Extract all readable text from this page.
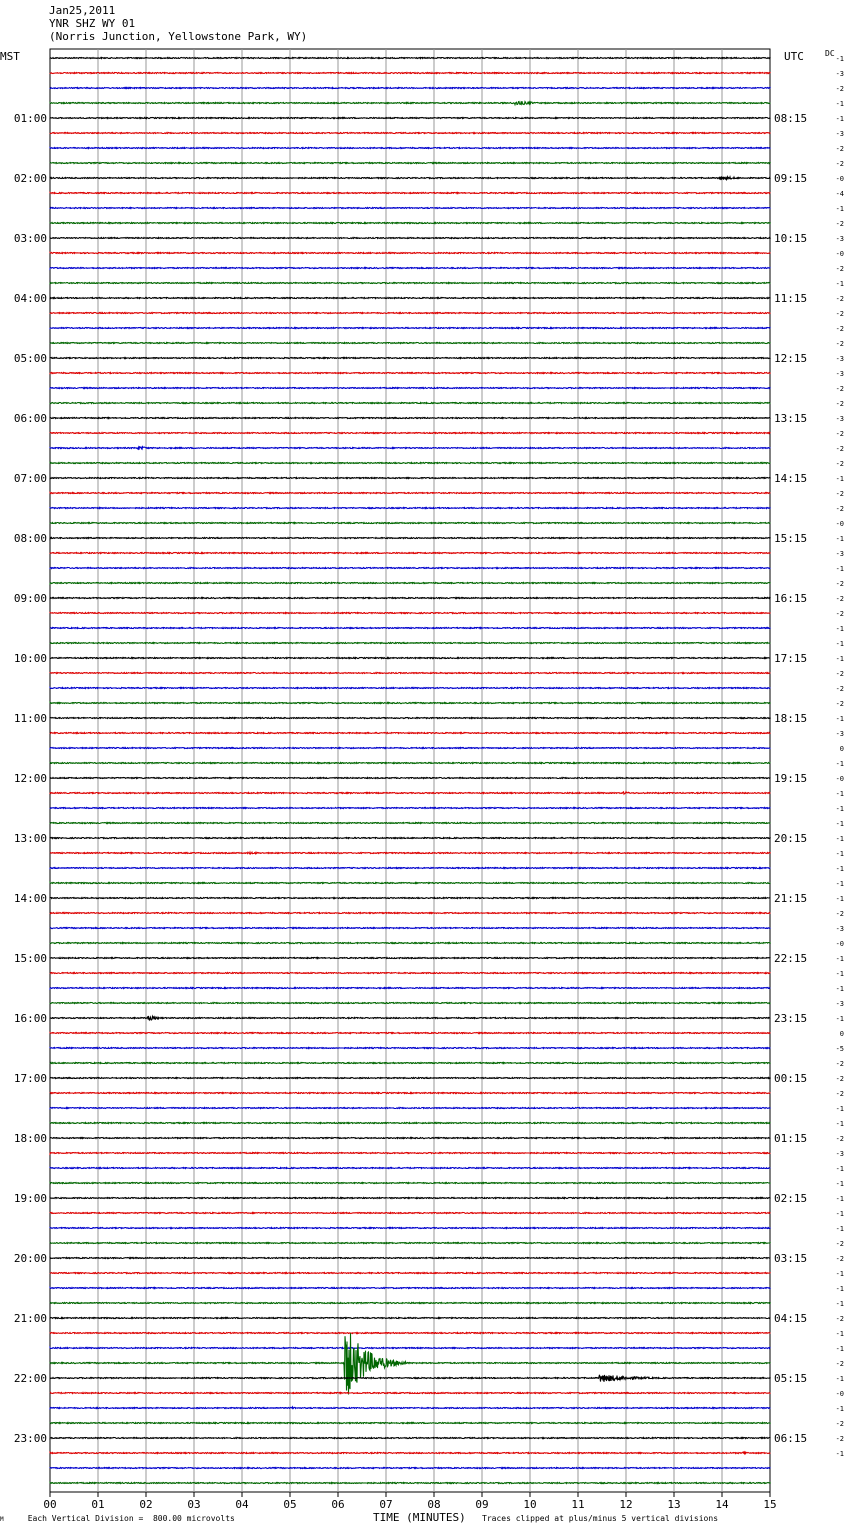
Jan25,2011
YNR SHZ WY 01
(Norris Junction, Yellowstone Park, WY)
MST	UTC	DC
00	01	02	03	04	05	06	07	08	09	10	11	12	13	14	15
-1
-3
-2
-1
-1
-3
-2
-2
-0
-4
-1
-2
-3
-0
-2
-1
-2
-2
-2
-2
-3
-3
-2
-2
-3
-2
-2
-2
-1
-2
-2
-0
-1
-3
-1
-2
-2
-2
-1
-1
-1
-2
-2
-2
-1
-3
0
-1
-0
-1
-1
-1
-1
-1
-1
-1
-1
-2
-3
-0
-1
-1
-1
-3
-1
0
-5
-2
-2
-2
-1
-1
-2
-3
-1
-1
-1
-1
-1
-2
-2
-1
-1
-1
-2
-1
-1
-2
-1
-0
-1
-2
-2
-1
01:00	08:15
02:00	09:15
03:00	10:15
04:00	11:15
05:00	12:15
06:00	13:15
07:00	14:15
08:00	15:15
09:00	16:15
10:00	17:15
11:00	18:15
12:00	19:15
13:00	20:15
14:00	21:15
15:00	22:15
16:00	23:15
17:00	00:15
18:00	01:15
19:00	02:15
20:00	03:15
21:00	04:15
22:00	05:15
23:00	06:15
M	Each Vertical Division =  800.00 microvolts	TIME (MINUTES) Traces clipped at plus/minus 5 vertical divisions
